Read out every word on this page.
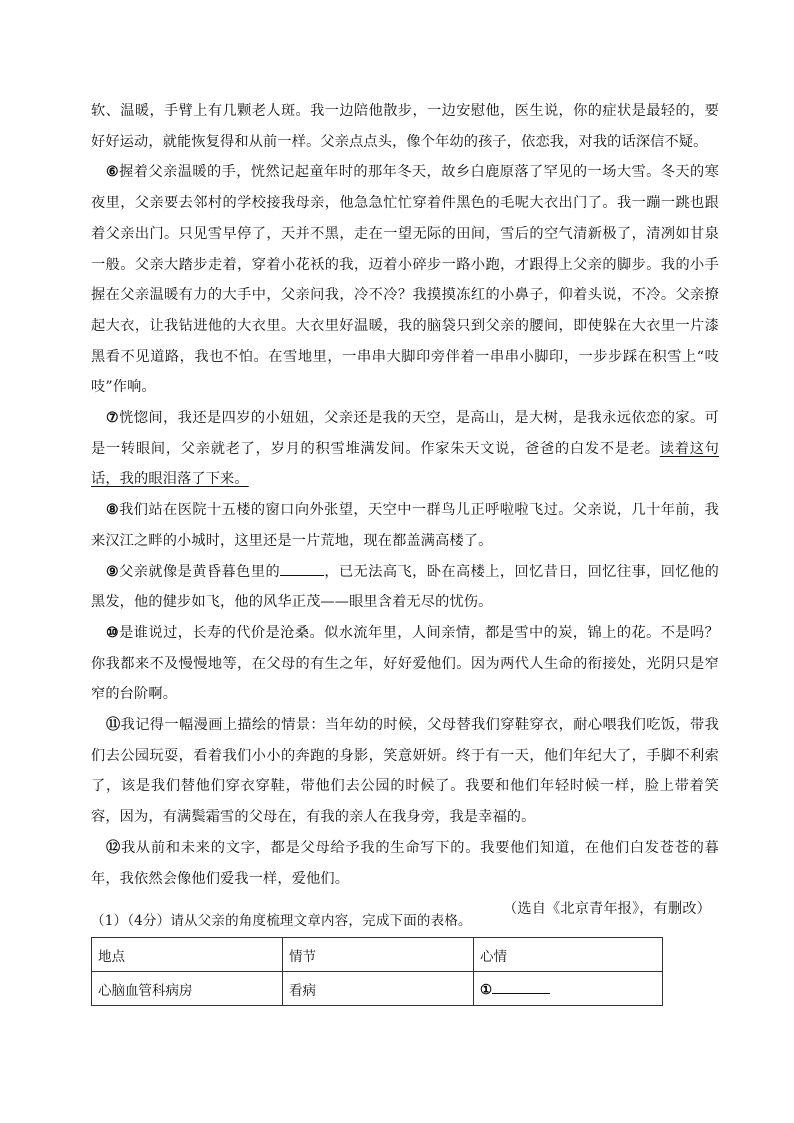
软、温暖，手臂上有几颗老人斑。我一边陪他散步，一边安慰他，医生说，你的症状是最轻的，要好好运动，就能恢复得和从前一样。父亲点点头，像个年幼的孩子，依恋我，对我的话深信不疑。

⑥握着父亲温暖的手，恍然记起童年时的那年冬天，故乡白鹿原落了罕见的一场大雪。冬天的寒夜里，父亲要去邻村的学校接我母亲，他急急忙忙穿着件黑色的毛呢大衣出门了。我一蹦一跳也跟着父亲出门。只见雪早停了，天并不黑，走在一望无际的田间，雪后的空气清新极了，清冽如甘泉一般。父亲大踏步走着，穿着小花袄的我，迈着小碎步一路小跑，才跟得上父亲的脚步。我的小手握在父亲温暖有力的大手中，父亲问我，冷不冷？我摸摸冻红的小鼻子，仰着头说，不冷。父亲撩起大衣，让我钻进他的大衣里。大衣里好温暖，我的脑袋只到父亲的腰间，即使躲在大衣里一片漆黑看不见道路，我也不怕。在雪地里，一串串大脚印旁伴着一串串小脚印，一步步踩在积雪上“吱吱”作响。

⑦恍惚间，我还是四岁的小妞妞，父亲还是我的天空，是高山，是大树，是我永远依恋的家。可是一转眼间，父亲就老了，岁月的积雪堆满发间。作家朱天文说，爸爸的白发不是老。读着这句话，我的眼泪落了下来。

⑧我们站在医院十五楼的窗口向外张望，天空中一群鸟儿正呼啦啦飞过。父亲说，几十年前，我来汉江之畔的小城时，这里还是一片荒地，现在都盖满高楼了。

⑨父亲就像是黄昏暮色里的	，已无法高飞，卧在高楼上，回忆昔日，回忆往事，回忆他的黑发，他的健步如飞，他的风华正茂——眼里含着无尽的忧伤。

⑩是谁说过，长寿的代价是沧桑。似水流年里，人间亲情，都是雪中的炭，锦上的花。不是吗？你我都来不及慢慢地等，在父母的有生之年，好好爱他们。因为两代人生命的衔接处，光阴只是窄窄的台阶啊。

⑪我记得一幅漫画上描绘的情景：当年幼的时候，父母替我们穿鞋穿衣，耐心喂我们吃饭，带我们去公园玩耍，看着我们小小的奔跑的身影，笑意妍妍。终于有一天，他们年纪大了，手脚不利索了，该是我们替他们穿衣穿鞋，带他们去公园的时候了。我要和他们年轻时候一样，脸上带着笑容，因为，有满鬓霜雪的父母在，有我的亲人在我身旁，我是幸福的。

⑫我从前和未来的文字，都是父母给予我的生命写下的。我要他们知道，在他们白发苍苍的暮年，我依然会像他们爱我一样，爱他们。

（选自《北京青年报》，有删改）

（1）（4分）请从父亲的角度梳理文章内容，完成下面的表格。
地点	情节	心情
心脑血管科病房	看病	①
